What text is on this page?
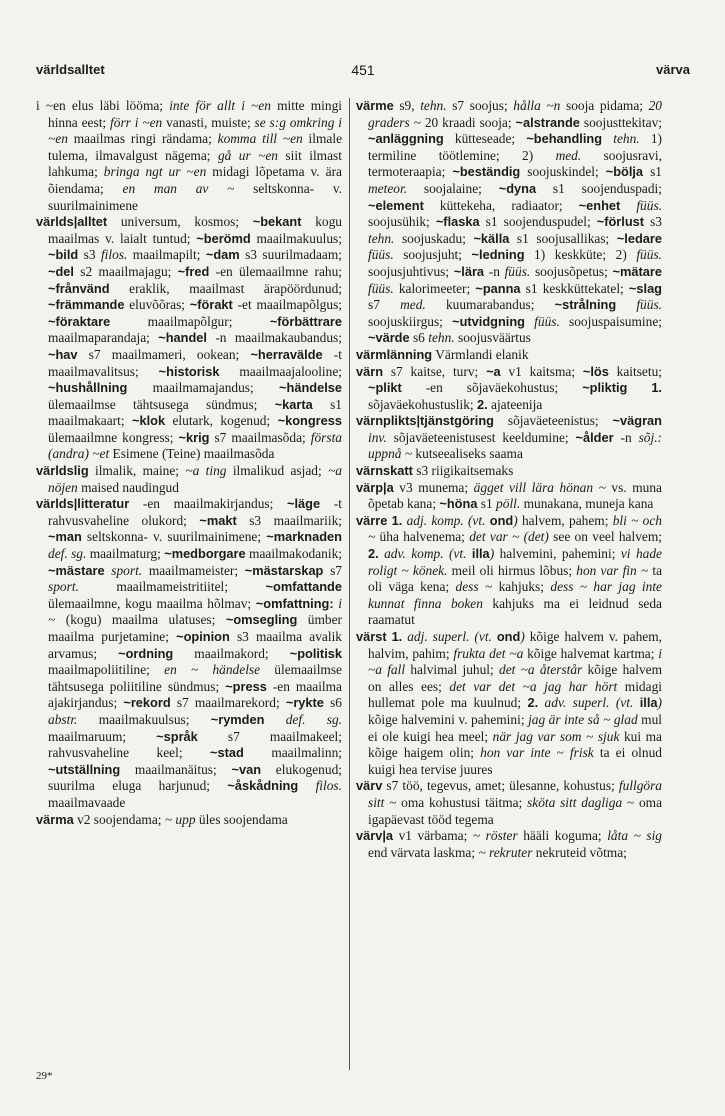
världsalltet	451	värva

i ~en elus läbi lööma; inte för allt i ~en mitte mingi hinna eest; förr i ~en vanasti, muiste; se s:g omkring i ~en maailmas ringi rändama; komma till ~en ilmale tulema, ilmavalgust nägema; gå ur ~en siit ilmast lahkuma; bringa ngt ur ~en midagi lõpetama v. ära õiendama; en man av ~ seltskonna- v. suurilmainimene

världs|alltet universum, kosmos; ~bekant kogu maailmas v. laialt tuntud; ~berömd maailmakuulus; ~bild s3 filos. maailmapilt; ~dam s3 suurilmadaam; ~del s2 maailmajagu; ~fred -en ülemaailmne rahu; ~frånvänd eraklik, maailmast ärapöördunud; ~främmande eluvõõras; ~förakt -et maailmapõlgus; ~föraktare maailmapõlgur; ~förbättrare maailmaparandaja; ~handel -n maailmakaubandus; ~hav s7 maailmameri, ookean; ~herravälde -t maailmavalitsus; ~historisk maailmaajalooline; ~hushållning maailmamajandus; ~händelse ülemaailmse tähtsusega sündmus; ~karta s1 maailmakaart; ~klok elutark, kogenud; ~kongress ülemaailmne kongress; ~krig s7 maailmasõda; första (andra) ~et Esimene (Teine) maailmasõda

världslig ilmalik, maine; ~a ting ilmalikud asjad; ~a nöjen maised naudingud

världs|litteratur -en maailmakirjandus; ~läge -t rahvusvaheline olukord; ~makt s3 maailmariik; ~man seltskonna- v. suurilmainimene; ~marknaden def. sg. maailmaturg; ~medborgare maailmakodanik; ~mästare sport. maailmameister; ~mästarskap s7 sport. maailmameistritiitel; ~omfattande ülemaailmne, kogu maailma hõlmav; ~omfattning: i ~ (kogu) maailma ulatuses; ~omsegling ümber maailma purjetamine; ~opinion s3 maailma avalik arvamus; ~ordning maailmakord; ~politisk maailmapoliitiline; en ~ händelse ülemaailmse tähtsusega poliitiline sündmus; ~press -en maailma ajakirjandus; ~rekord s7 maailmarekord; ~rykte s6 abstr. maailmakuulsus; ~rymden def. sg. maailmaruum; ~språk s7 maailmakeel; rahvusvaheline keel; ~stad maailmalinn; ~utställning maailmanäitus; ~van elukogenud; suurilma eluga harjunud; ~åskådning filos. maailmavaade

värma v2 soojendama; ~ upp üles soojendama

värme s9, tehn. s7 soojus; hålla ~n sooja pidama; 20 graders ~ 20 kraadi sooja; ~alstrande soojusttekitav; ~anläggning kütteseade; ~behandling tehn. 1) termiline töötlemine; 2) med. soojusravi, termoteraapia; ~beständig soojuskindel; ~bölja s1 meteor. soojalaine; ~dyna s1 soojenduspadi; ~element küttekeha, radiaator; ~enhet füüs. soojusühik; ~flaska s1 soojenduspudel; ~förlust s3 tehn. soojuskadu; ~källa s1 soojusallikas; ~ledare füüs. soojusjuht; ~ledning 1) keskküte; 2) füüs. soojusjuhtivus; ~lära -n füüs. soojusõpetus; ~mätare füüs. kalorimeeter; ~panna s1 keskküttekatel; ~slag s7 med. kuumarabandus; ~strålning füüs. soojuskiirgus; ~utvidgning füüs. soojuspaisumine; ~värde s6 tehn. soojusväärtus

värmlänning Värmlandi elanik

värn s7 kaitse, turv; ~a v1 kaitsma; ~lös kaitsetu; ~plikt -en sõjaväekohustus; ~pliktig 1. sõjaväekohustuslik; 2. ajateenija

värnplikts|tjänstgöring sõjaväeteenistus; ~vägran inv. sõjaväeteenistusest keeldumine; ~ålder -n sõj.: uppnå ~ kutseealiseks saama

värnskatt s3 riigikaitsemaks

värp|a v3 munema; ägget vill lära hönan ~ vs. muna õpetab kana; ~höna s1 pöll. munakana, muneja kana

värre 1. adj. komp. (vt. ond) halvem, pahem; bli ~ och ~ üha halvenema; det var ~ (det) see on veel halvem; 2. adv. komp. (vt. illa) halvemini, pahemini; vi hade roligt ~ könek. meil oli hirmus lõbus; hon var fin ~ ta oli väga kena; dess ~ kahjuks; dess ~ har jag inte kunnat finna boken kahjuks ma ei leidnud seda raamatut

värst 1. adj. superl. (vt. ond) kõige halvem v. pahem, halvim, pahim; frukta det ~a kõige halvemat kartma; i ~a fall halvimal juhul; det ~a återstår kõige halvem on alles ees; det var det ~a jag har hört midagi hullemat pole ma kuulnud; 2. adv. superl. (vt. illa) kõige halvemini v. pahemini; jag är inte så ~ glad mul ei ole kuigi hea meel; när jag var som ~ sjuk kui ma kõige haigem olin; hon var inte ~ frisk ta ei olnud kuigi hea tervise juures

värv s7 töö, tegevus, amet; ülesanne, kohustus; fullgöra sitt ~ oma kohustusi täitma; sköta sitt dagliga ~ oma igapäevast tööd tegema

värv|a v1 värbama; ~ röster hääli koguma; låta ~ sig end värvata laskma; ~ rekruter nekruteid võtma;

29*
